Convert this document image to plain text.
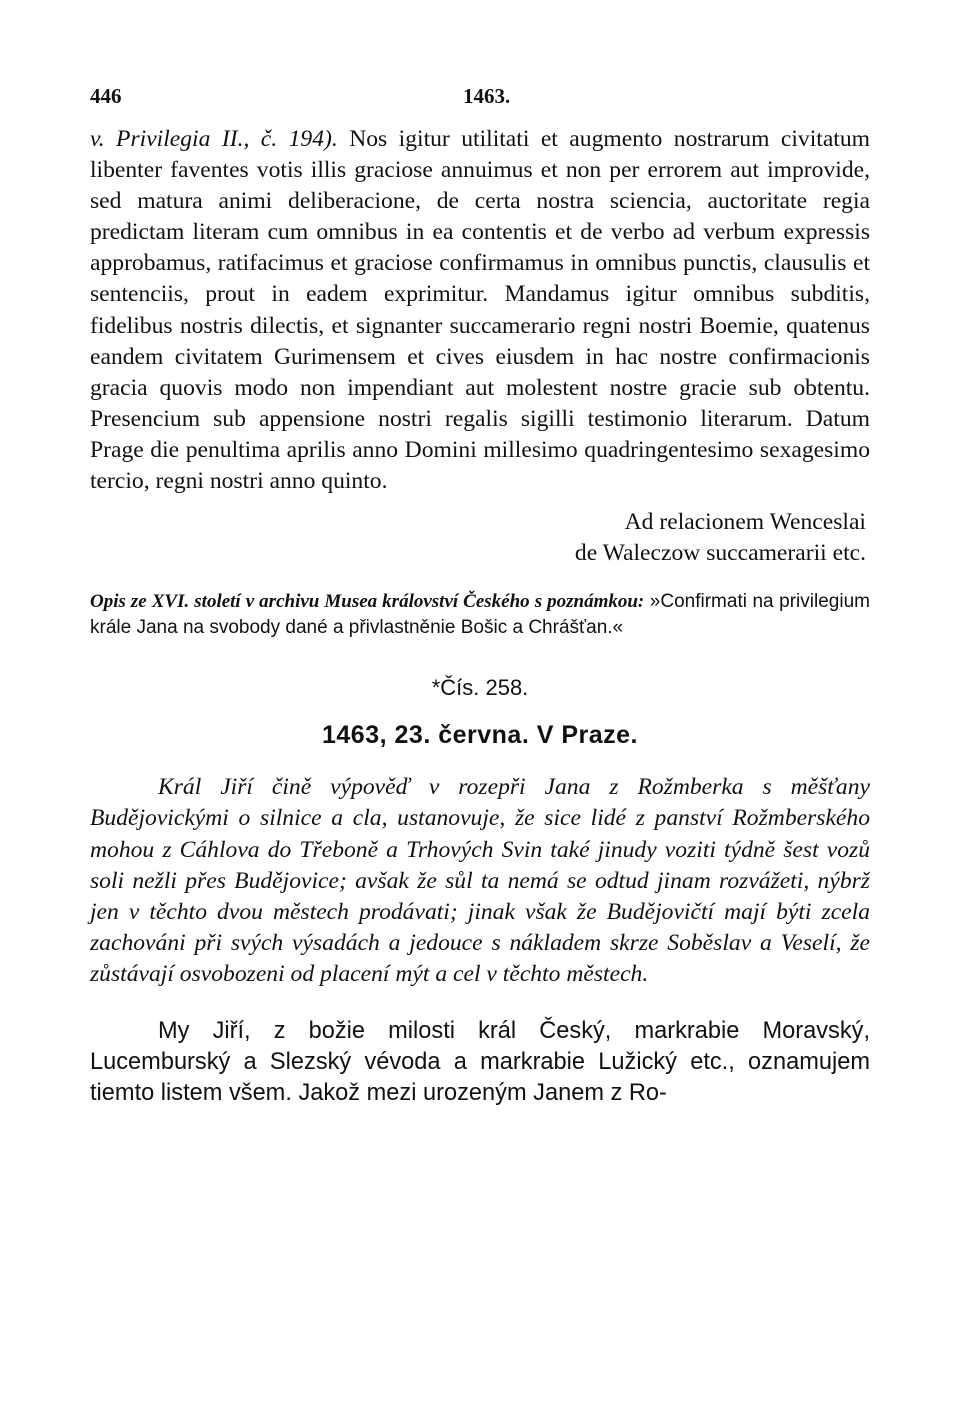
446	1463.

v. Privilegia II., č. 194). Nos igitur utilitati et augmento nostrarum civitatum libenter faventes votis illis graciose annuimus et non per errorem aut improvide, sed matura animi deliberacione, de certa nostra sciencia, auctoritate regia predictam literam cum omnibus in ea contentis et de verbo ad verbum expressis approbamus, ratifacimus et graciose confirmamus in omnibus punctis, clausulis et sentenciis, prout in eadem exprimitur. Mandamus igitur omnibus subditis, fidelibus nostris dilectis, et signanter succamerario regni nostri Boemie, quatenus eandem civitatem Gurimensem et cives eiusdem in hac nostre confirmacionis gracia quovis modo non impendiant aut molestent nostre gracie sub obtentu. Presencium sub appensione nostri regalis sigilli testimonio literarum. Datum Prage die penultima aprilis anno Domini millesimo quadringentesimo sexagesimo tercio, regni nostri anno quinto.

Ad relacionem Wenceslai
de Waleczow succamerarii etc.

Opis ze XVI. století v archivu Musea království Českého s poznámkou: »Confirmati na privilegium krále Jana na svobody dané a přivlastněnie Bošic a Chrášťan.«

*Čís. 258.
1463, 23. června. V Praze.

Král Jiří čině výpověď v rozepři Jana z Rožmberka s měšťany Budějovickými o silnice a cla, ustanovuje, že sice lidé z panství Rožmberského mohou z Cáhlova do Třeboně a Trhových Svin také jinudy voziti týdně šest vozů soli nežli přes Budějovice; avšak že sůl ta nemá se odtud jinam rozvážeti, nýbrž jen v těchto dvou městech prodávati; jinak však že Budějovičtí mají býti zcela zachováni při svých výsadách a jedouce s nákladem skrze Soběslav a Veselí, že zůstávají osvobozeni od placení mýt a cel v těchto městech.

My Jiří, z božie milosti král Český, markrabie Moravský, Lucemburský a Slezský vévoda a markrabie Lužický etc., oznamujem tiemto listem všem. Jakož mezi urozeným Janem z Ro-
